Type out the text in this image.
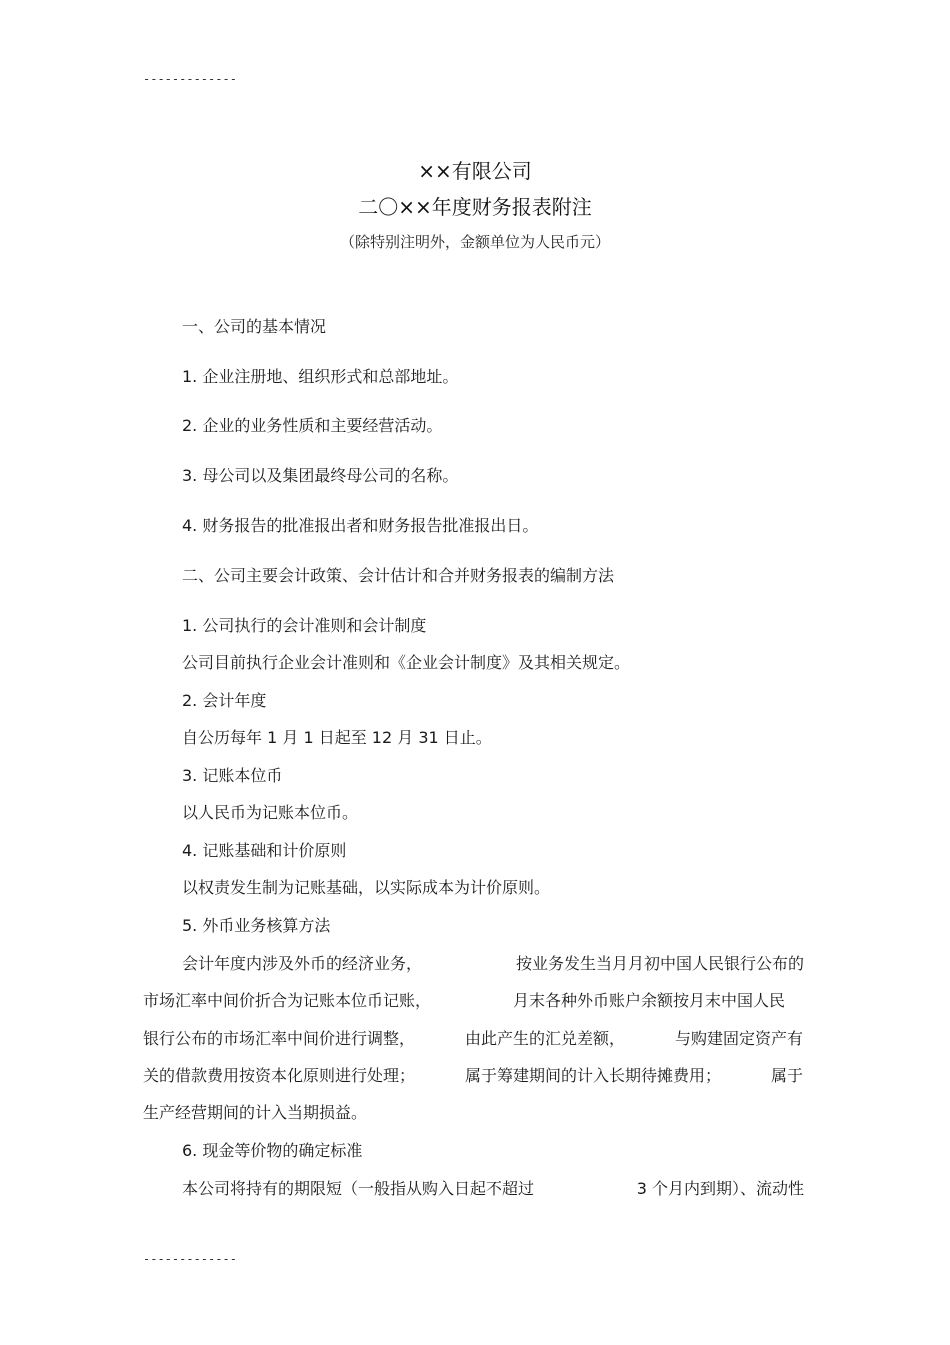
-------------
××有限公司
二〇××年度财务报表附注
（除特别注明外，金额单位为人民币元）
一、公司的基本情况
1. 企业注册地、组织形式和总部地址。
2. 企业的业务性质和主要经营活动。
3. 母公司以及集团最终母公司的名称。
4. 财务报告的批准报出者和财务报告批准报出日。
二、公司主要会计政策、会计估计和合并财务报表的编制方法
1. 公司执行的会计准则和会计制度
公司目前执行企业会计准则和《企业会计制度》及其相关规定。
2. 会计年度
自公历每年 1 月 1 日起至 12 月 31 日止。
3. 记账本位币
以人民币为记账本位币。
4. 记账基础和计价原则
以权责发生制为记账基础，以实际成本为计价原则。
5. 外币业务核算方法
会计年度内涉及外币的经济业务，	按业务发生当月月初中国人民银行公布的
市场汇率中间价折合为记账本位币记账，	月末各种外币账户余额按月末中国人民
银行公布的市场汇率中间价进行调整，	由此产生的汇兑差额，	与购建固定资产有
关的借款费用按资本化原则进行处理；	属于筹建期间的计入长期待摊费用；	属于
生产经营期间的计入当期损益。
6. 现金等价物的确定标准
本公司将持有的期限短（一般指从购入日起不超过	3 个月内到期）、流动性
-------------
